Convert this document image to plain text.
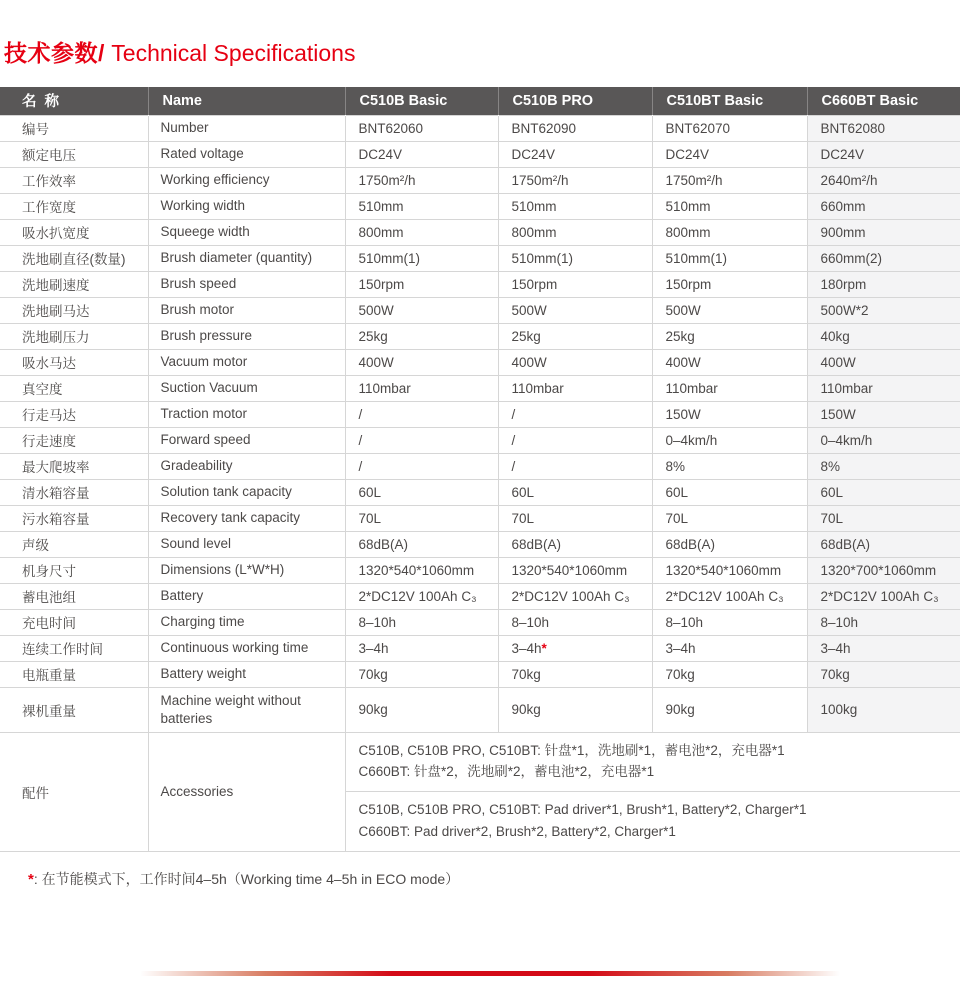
技术参数/ Technical Specifications
名 称	Name	C510B Basic	C510B PRO	C510BT Basic	C660BT Basic
编号	Number	BNT62060	BNT62090	BNT62070	BNT62080
额定电压	Rated voltage	DC24V	DC24V	DC24V	DC24V
工作效率	Working efficiency	1750m²/h	1750m²/h	1750m²/h	2640m²/h
工作宽度	Working width	510mm	510mm	510mm	660mm
吸水扒宽度	Squeege width	800mm	800mm	800mm	900mm
洗地刷直径(数量)	Brush diameter (quantity)	510mm(1)	510mm(1)	510mm(1)	660mm(2)
洗地刷速度	Brush speed	150rpm	150rpm	150rpm	180rpm
洗地刷马达	Brush motor	500W	500W	500W	500W*2
洗地刷压力	Brush pressure	25kg	25kg	25kg	40kg
吸水马达	Vacuum motor	400W	400W	400W	400W
真空度	Suction Vacuum	110mbar	110mbar	110mbar	110mbar
行走马达	Traction motor	/	/	150W	150W
行走速度	Forward speed	/	/	0–4km/h	0–4km/h
最大爬坡率	Gradeability	/	/	8%	8%
清水箱容量	Solution tank capacity	60L	60L	60L	60L
污水箱容量	Recovery tank capacity	70L	70L	70L	70L
声级	Sound level	68dB(A)	68dB(A)	68dB(A)	68dB(A)
机身尺寸	Dimensions (L*W*H)	1320*540*1060mm	1320*540*1060mm	1320*540*1060mm	1320*700*1060mm
蓄电池组	Battery	2*DC12V 100Ah C₃	2*DC12V 100Ah C₃	2*DC12V 100Ah C₃	2*DC12V 100Ah C₃
充电时间	Charging time	8–10h	8–10h	8–10h	8–10h
连续工作时间	Continuous working time	3–4h	3–4h*	3–4h	3–4h
电瓶重量	Battery weight	70kg	70kg	70kg	70kg
裸机重量	Machine weight without batteries	90kg	90kg	90kg	100kg
配件	Accessories	C510B, C510B PRO, C510BT: 针盘*1，洗地刷*1，蓄电池*2，充电器*1
C660BT: 针盘*2，洗地刷*2，蓄电池*2，充电器*1
C510B, C510B PRO, C510BT: Pad driver*1, Brush*1, Battery*2, Charger*1
C660BT: Pad driver*2, Brush*2, Battery*2, Charger*1			

*: 在节能模式下，工作时间4–5h（Working time 4–5h in ECO mode）
